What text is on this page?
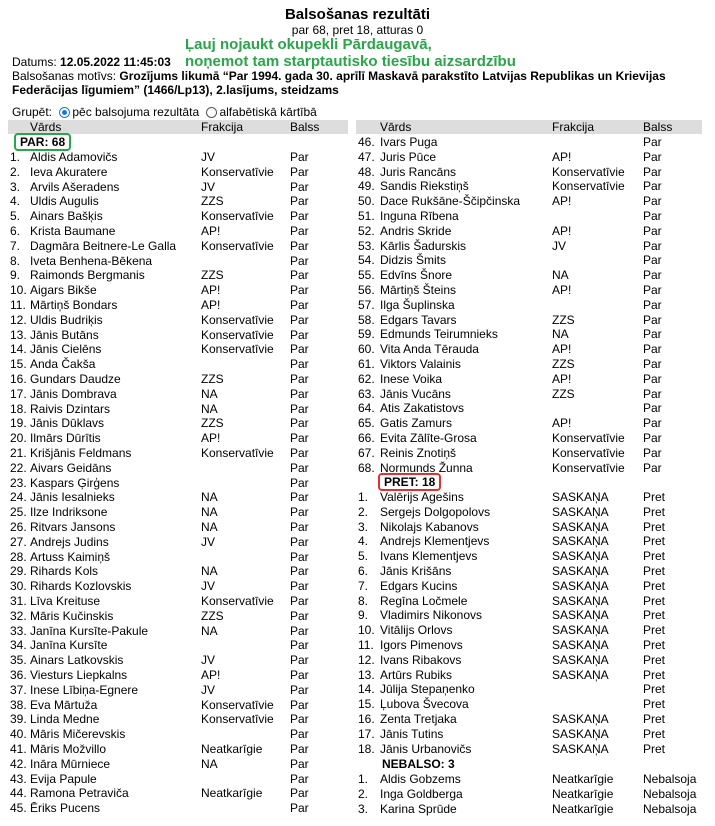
Balsošanas rezultāti
par 68, pret 18, atturas 0
Ļauj nojaukt okupekli Pārdaugavā,
noņemot tam starptautisko tiesību aizsardzību
Datums: 12.05.2022 11:45:03
Balsošanas motīvs: Grozījums likumā “Par 1994. gada 30. aprīlī Maskavā parakstīto Latvijas Republikas un Krievijas
Federācijas līgumiem” (1466/Lp13), 2.lasījums, steidzams
Grupēt: pēc balsojuma rezultāta alfabētiskā kārtībā
Vārds	Frakcija	Balss	Vārds	Frakcija	Balss
PAR: 68
PRET: 18
NEBALSO: 3
1. Aldis Adamovičs	JV	Par
2. Ieva Akuratere	Konservatīvie Par
3. Arvils Ašeradens	JV	Par
4. Uldis Augulis	ZZS	Par
5. Ainars Bašķis	Konservatīvie Par
6. Krista Baumane	AP!	Par
7. Dagmāra Beitnere-Le Galla Konservatīvie Par
8. Iveta Benhena-Bēkena	Par
9. Raimonds Bergmanis	ZZS	Par
10. Aigars Bikše	AP!	Par
11. Mārtiņš Bondars	AP!	Par
12. Uldis Budriķis	Konservatīvie Par
13. Jānis Butāns	Konservatīvie Par
14. Jānis Cielēns	Konservatīvie Par
15. Anda Čakša	Par
16. Gundars Daudze	ZZS	Par
17. Jānis Dombrava	NA	Par
18. Raivis Dzintars	NA	Par
19. Jānis Dūklavs	ZZS	Par
20. Ilmārs Dūrītis	AP!	Par
21. Krišjānis Feldmans	Konservatīvie Par
22. Aivars Geidāns	Par
23. Kaspars Ģirģens	Par
24. Jānis Iesalnieks	NA	Par
25. Ilze Indriksone	NA	Par
26. Ritvars Jansons	NA	Par
27. Andrejs Judins	JV	Par
28. Artuss Kaimiņš	Par
29. Rihards Kols	NA	Par
30. Rihards Kozlovskis	JV	Par
31. Līva Kreituse	Konservatīvie Par
32. Māris Kučinskis	ZZS	Par
33. Janīna Kursīte-Pakule	NA	Par
34. Janīna Kursīte	Par
35. Ainars Latkovskis	JV	Par
36. Viesturs Liepkalns	AP!	Par
37. Inese Lībiņa-Egnere	JV	Par
38. Eva Mārtuža	Konservatīvie Par
39. Linda Medne	Konservatīvie Par
40. Māris Mičerevskis	Par
41. Māris Možvillo	Neatkarīgie Par
42. Ināra Mūrniece	NA	Par
43. Evija Papule	Par
44. Ramona Petraviča	Neatkarīgie Par
45. Ēriks Pucens	Par
46. Ivars Puga	Par
47. Juris Pūce	AP!	Par
48. Juris Rancāns	Konservatīvie Par
49. Sandis Riekstiņš	Konservatīvie Par
50. Dace Rukšāne-Ščipčinska	AP!	Par
51. Inguna Rībena	Par
52. Andris Skride	AP!	Par
53. Kārlis Šadurskis	JV	Par
54. Didzis Šmits	Par
55. Edvīns Šnore	NA	Par
56. Mārtiņš Šteins	AP!	Par
57. Ilga Šuplinska	Par
58. Edgars Tavars	ZZS	Par
59. Edmunds Teirumnieks	NA	Par
60. Vita Anda Tērauda	AP!	Par
61. Viktors Valainis	ZZS	Par
62. Inese Voika	AP!	Par
63. Jānis Vucāns	ZZS	Par
64. Atis Zakatistovs	Par
65. Gatis Zamurs	AP!	Par
66. Evita Zālīte-Grosa	Konservatīvie Par
67. Reinis Znotiņš	Konservatīvie Par
68. Normunds Žunna	Konservatīvie Par
1. Valērijs Agešins	SASKAŅA	Pret
2. Sergejs Dolgopolovs	SASKAŅA	Pret
3. Nikolajs Kabanovs	SASKAŅA	Pret
4. Andrejs Klementjevs	SASKAŅA	Pret
5. Ivans Klementjevs	SASKAŅA	Pret
6. Jānis Krišāns	SASKAŅA	Pret
7. Edgars Kucins	SASKAŅA	Pret
8. Regīna Ločmele	SASKAŅA	Pret
9. Vladimirs Nikonovs	SASKAŅA	Pret
10. Vitālijs Orlovs	SASKAŅA	Pret
11. Igors Pimenovs	SASKAŅA	Pret
12. Ivans Ribakovs	SASKAŅA	Pret
13. Artūrs Rubiks	SASKAŅA	Pret
14. Jūlija Stepaņenko	Pret
15. Ļubova Švecova	Pret
16. Zenta Tretjaka	SASKAŅA	Pret
17. Jānis Tutins	SASKAŅA	Pret
18. Jānis Urbanovičs	SASKAŅA	Pret
1. Aldis Gobzems	Neatkarīgie Nebalsoja
2. Inga Goldberga	Neatkarīgie Nebalsoja
3. Karina Sprūde	Neatkarīgie Nebalsoja
